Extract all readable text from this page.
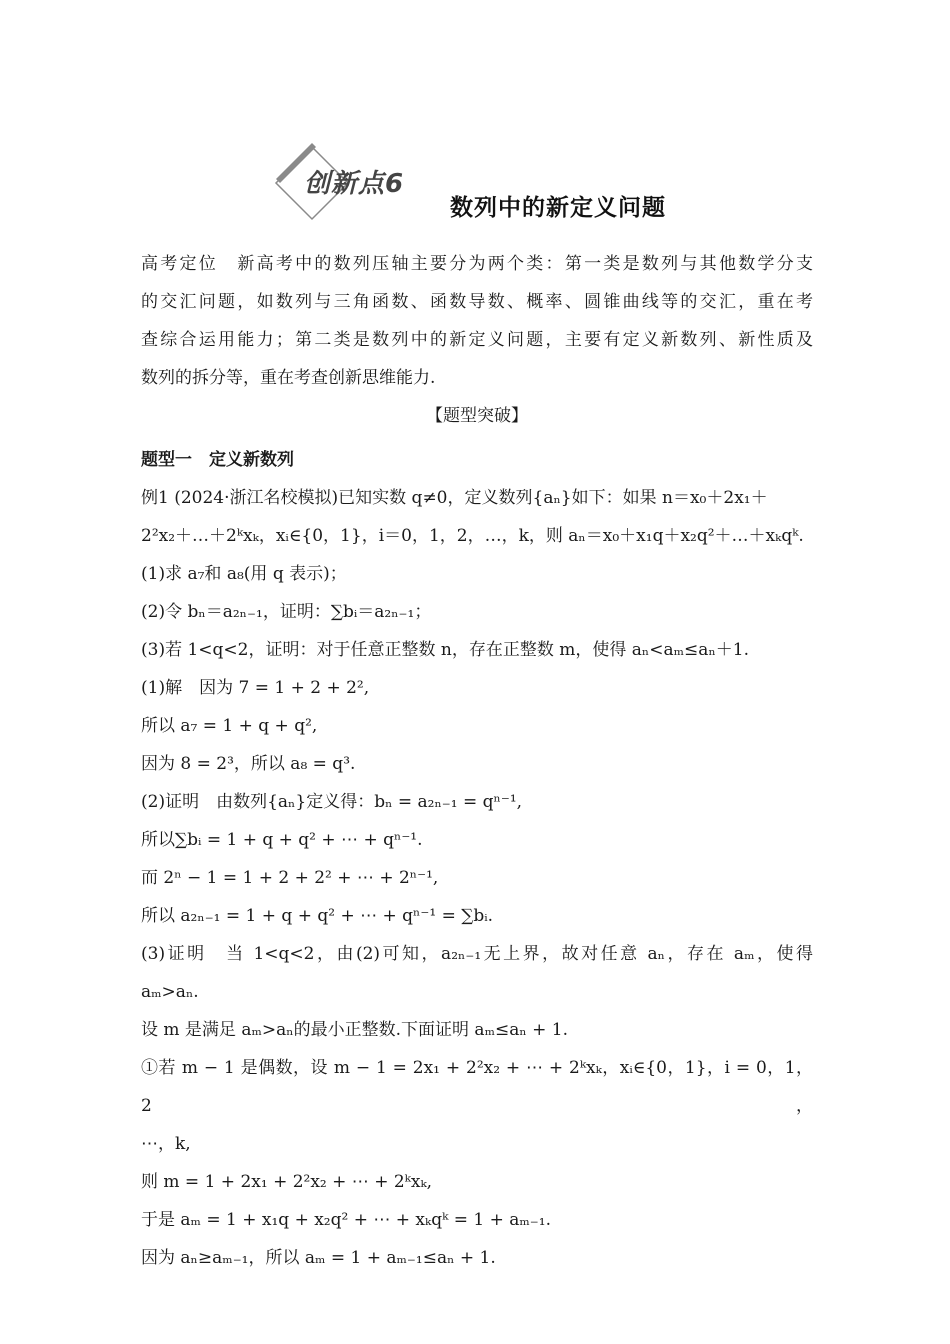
创新点6
数列中的新定义问题

高考定位　新高考中的数列压轴主要分为两个类：第一类是数列与其他数学分支

的交汇问题，如数列与三角函数、函数导数、概率、圆锥曲线等的交汇，重在考

查综合运用能力；第二类是数列中的新定义问题，主要有定义新数列、新性质及

数列的拆分等，重在考查创新思维能力.

【题型突破】

题型一　定义新数列

例1 (2024·浙江名校模拟)已知实数 q≠0，定义数列{aₙ}如下：如果 n＝x₀＋2x₁＋

2²x₂＋…＋2ᵏxₖ，xᵢ∈{0，1}，i＝0，1，2，…，k，则 aₙ＝x₀＋x₁q＋x₂q²＋…＋xₖqᵏ.

(1)求 a₇和 a₈(用 q 表示)；

(2)令 bₙ＝a₂ₙ₋₁，证明：∑bᵢ＝a₂ₙ₋₁；

(3)若 1<q<2，证明：对于任意正整数 n，存在正整数 m，使得 aₙ<aₘ≤aₙ＋1.

(1)解　因为 7 = 1 + 2 + 2²,

所以 a₇ = 1 + q + q²,

因为 8 = 2³，所以 a₈ = q³.

(2)证明　由数列{aₙ}定义得：bₙ = a₂ₙ₋₁ = qⁿ⁻¹,

所以∑bᵢ = 1 + q + q² + ⋯ + qⁿ⁻¹.

而 2ⁿ − 1 = 1 + 2 + 2² + ⋯ + 2ⁿ⁻¹,

所以 a₂ₙ₋₁ = 1 + q + q² + ⋯ + qⁿ⁻¹ = ∑bᵢ.

(3)证明　当 1<q<2，由(2)可知，a₂ₙ₋₁无上界，故对任意 aₙ，存在 aₘ，使得

aₘ>aₙ.

设 m 是满足 aₘ>aₙ的最小正整数.下面证明 aₘ≤aₙ + 1.

①若 m − 1 是偶数，设 m − 1 = 2x₁ + 2²x₂ + ⋯ + 2ᵏxₖ，xᵢ∈{0，1}，i = 0，1，2，

⋯，k,

则 m = 1 + 2x₁ + 2²x₂ + ⋯ + 2ᵏxₖ,

于是 aₘ = 1 + x₁q + x₂q² + ⋯ + xₖqᵏ = 1 + aₘ₋₁.

因为 aₙ≥aₘ₋₁，所以 aₘ = 1 + aₘ₋₁≤aₙ + 1.
